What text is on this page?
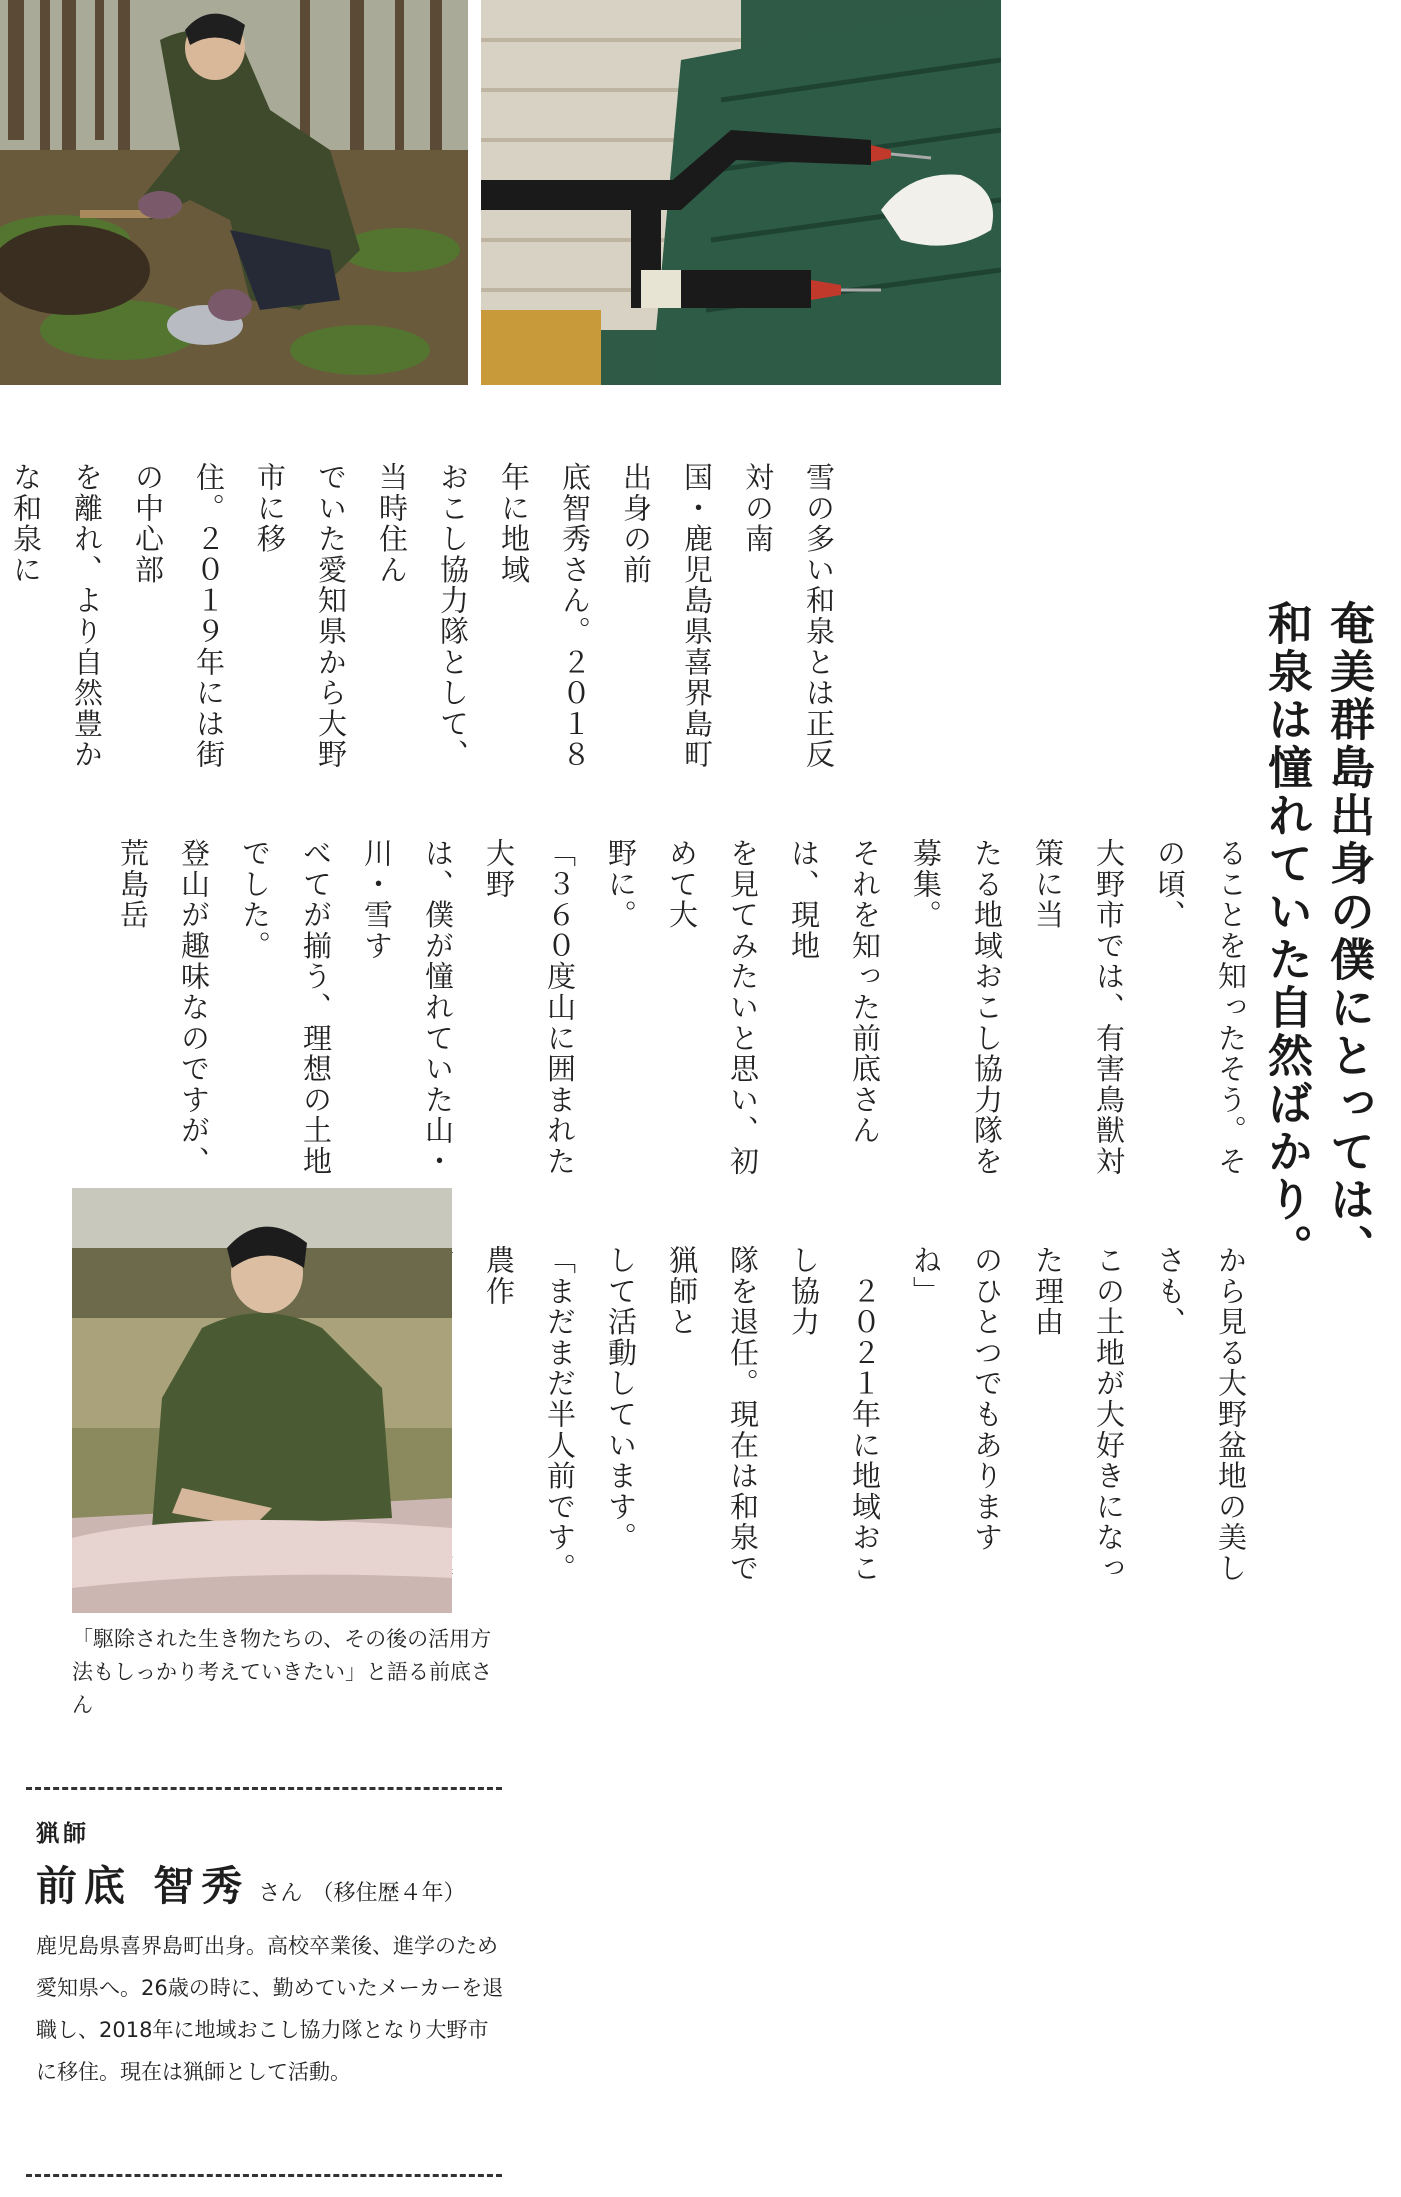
奄美群島出身の僕にとっては、
和泉は憧れていた自然ばかり。

雪の多い和泉とは正反対の南
国・鹿児島県喜界島町出身の前
底智秀さん。２０１８年に地域
おこし協力隊として、当時住ん
でいた愛知県から大野市に移
住。２０１９年には街の中心部
を離れ、より自然豊かな和泉に

ることを知ったそう。その頃、
大野市では、有害鳥獣対策に当
たる地域おこし協力隊を募集。
それを知った前底さんは、現地
を見てみたいと思い、初めて大
野に。
「３６０度山に囲まれた大野
は、僕が憧れていた山・川・雪す
べてが揃う、理想の土地でした。
登山が趣味なのですが、荒島岳

から見る大野盆地の美しさも、
この土地が大好きになった理由
のひとつでもありますね」
　２０２１年に地域おこし協力
隊を退任。現在は和泉で猟師と
して活動しています。
「まだまだ半人前です。農作

「駆除された生き物たちの、その後の活用方法もしっかり考えていきたい」と語る前底さん
猟師
前底 智秀 さん （移住歴４年）
鹿児島県喜界島町出身。高校卒業後、進学のため愛知県へ。26歳の時に、勤めていたメーカーを退職し、2018年に地域おこし協力隊となり大野市に移住。現在は猟師として活動。
